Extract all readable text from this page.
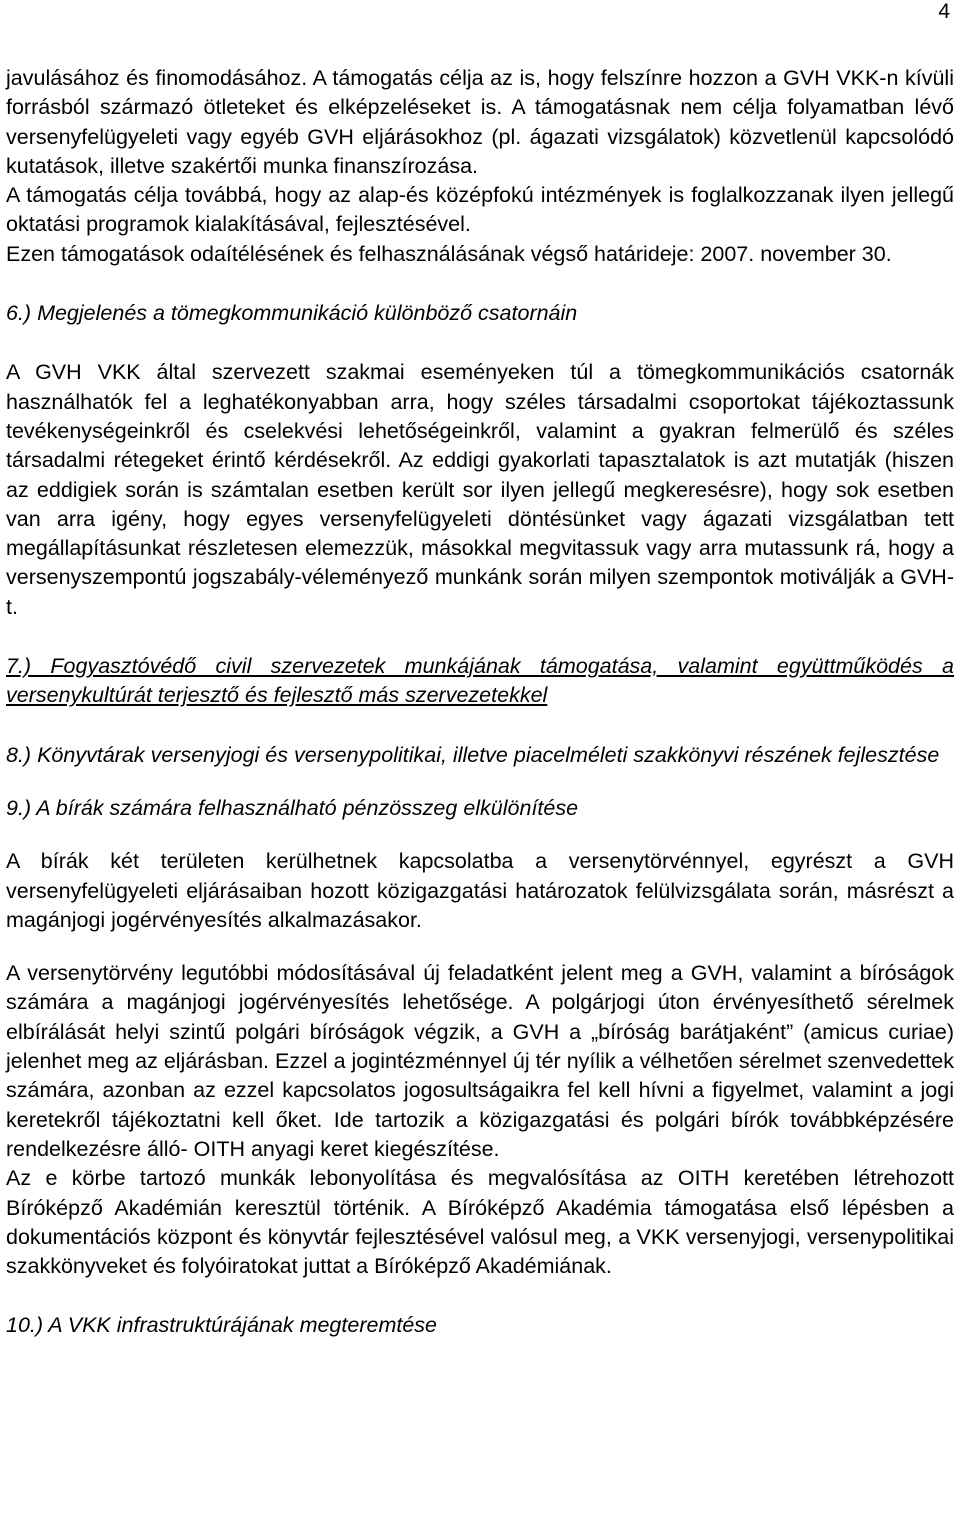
4

javulásához és finomodásához. A támogatás célja az is, hogy felszínre hozzon a GVH VKK-n kívüli forrásból származó ötleteket és elképzeléseket is. A támogatásnak nem célja folyamatban lévő versenyfelügyeleti vagy egyéb GVH eljárásokhoz (pl. ágazati vizsgálatok) közvetlenül kapcsolódó kutatások, illetve szakértői munka finanszírozása.

A támogatás célja továbbá, hogy az alap-és középfokú intézmények is foglalkozzanak ilyen jellegű oktatási programok kialakításával, fejlesztésével.

Ezen támogatások odaítélésének és felhasználásának végső határideje: 2007. november 30.

6.) Megjelenés a tömegkommunikáció különböző csatornáin

A GVH VKK által szervezett szakmai eseményeken túl a tömegkommunikációs csatornák használhatók fel a leghatékonyabban arra, hogy széles társadalmi csoportokat tájékoztassunk tevékenységeinkről és cselekvési lehetőségeinkről, valamint a gyakran felmerülő és széles társadalmi rétegeket érintő kérdésekről. Az eddigi gyakorlati tapasztalatok is azt mutatják (hiszen az eddigiek során is számtalan esetben került sor ilyen jellegű megkeresésre), hogy sok esetben van arra igény, hogy egyes versenyfelügyeleti döntésünket vagy ágazati vizsgálatban tett megállapításunkat részletesen elemezzük, másokkal megvitassuk vagy arra mutassunk rá, hogy a versenyszempontú jogszabály-véleményező munkánk során milyen szempontok motiválják a GVH-t.

7.) Fogyasztóvédő civil szervezetek munkájának támogatása, valamint együttműködés a versenykultúrát terjesztő és fejlesztő más szervezetekkel

8.) Könyvtárak versenyjogi és versenypolitikai, illetve piacelméleti szakkönyvi részének fejlesztése

9.) A bírák számára felhasználható pénzösszeg elkülönítése

A bírák két területen kerülhetnek kapcsolatba a versenytörvénnyel, egyrészt a GVH versenyfelügyeleti eljárásaiban hozott közigazgatási határozatok felülvizsgálata során, másrészt a magánjogi jogérvényesítés alkalmazásakor.

A versenytörvény legutóbbi módosításával új feladatként jelent meg a GVH, valamint a bíróságok számára a magánjogi jogérvényesítés lehetősége. A polgárjogi úton érvényesíthető sérelmek elbírálását helyi szintű polgári bíróságok végzik, a GVH a „bíróság barátjaként” (amicus curiae) jelenhet meg az eljárásban. Ezzel a jogintézménnyel új tér nyílik a vélhetően sérelmet szenvedettek számára, azonban az ezzel kapcsolatos jogosultságaikra fel kell hívni a figyelmet, valamint a jogi keretekről tájékoztatni kell őket. Ide tartozik a közigazgatási és polgári bírók továbbképzésére rendelkezésre álló- OITH anyagi keret kiegészítése.

Az e körbe tartozó munkák lebonyolítása és megvalósítása az OITH keretében létrehozott Bíróképző Akadémián keresztül történik. A Bíróképző Akadémia támogatása első lépésben a dokumentációs központ és könyvtár fejlesztésével valósul meg, a VKK versenyjogi, versenypolitikai szakkönyveket és folyóiratokat juttat a Bíróképző Akadémiának.

10.) A VKK infrastruktúrájának megteremtése
